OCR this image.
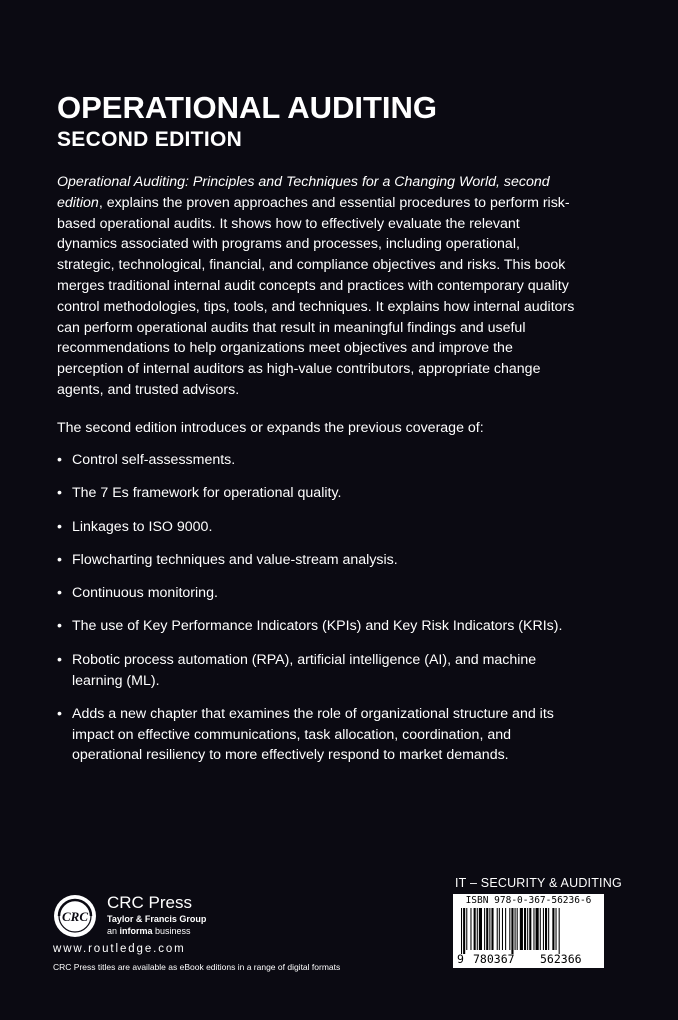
OPERATIONAL AUDITING
SECOND EDITION

Operational Auditing: Principles and Techniques for a Changing World, second edition, explains the proven approaches and essential procedures to perform risk-based operational audits. It shows how to effectively evaluate the relevant dynamics associated with programs and processes, including operational, strategic, technological, financial, and compliance objectives and risks. This book merges traditional internal audit concepts and practices with contemporary quality control methodologies, tips, tools, and techniques. It explains how internal auditors can perform operational audits that result in meaningful findings and useful recommendations to help organizations meet objectives and improve the perception of internal auditors as high-value contributors, appropriate change agents, and trusted advisors.

The second edition introduces or expands the previous coverage of:

• Control self-assessments.
• The 7 Es framework for operational quality.
• Linkages to ISO 9000.
• Flowcharting techniques and value-stream analysis.
• Continuous monitoring.
• The use of Key Performance Indicators (KPIs) and Key Risk Indicators (KRIs).
• Robotic process automation (RPA), artificial intelligence (AI), and machine learning (ML).
• Adds a new chapter that examines the role of organizational structure and its impact on effective communications, task allocation, coordination, and operational resiliency to more effectively respond to market demands.
CRC
CRC Press
Taylor & Francis Group
an informa business
www.routledge.com
CRC Press titles are available as eBook editions in a range of digital formats
IT – SECURITY & AUDITING
ISBN 978-0-367-56236-6
9 780367 562366
